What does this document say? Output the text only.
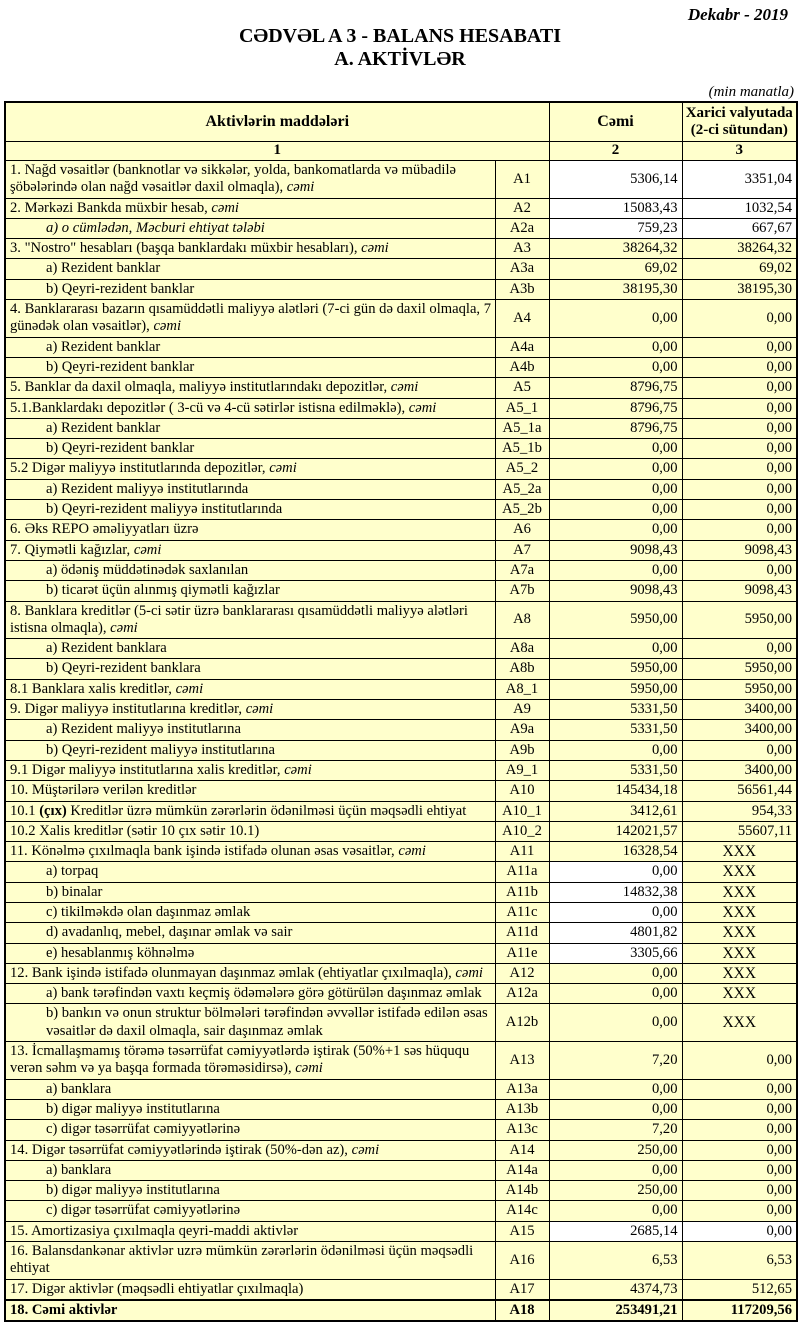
Dekabr - 2019
CƏDVƏL A 3 - BALANS HESABATI
A. AKTİVLƏR
(min manatla)
Aktivlərin maddələri		Cəmi	Xarici valyutada
(2-ci sütundan)

1		2	3
1. Nağd vəsaitlər (banknotlar və sikkələr, yolda, bankomatlarda və mübadilə şöbələrində olan nağd vəsaitlər daxil olmaqla), cəmi	A1	5306,14	3351,04
2. Mərkəzi Bankda müxbir hesab, cəmi	A2	15083,43	1032,54
a) o cümlədən, Məcburi ehtiyat tələbi	A2a	759,23	667,67
3. "Nostro" hesabları (başqa banklardakı müxbir hesabları), cəmi	A3	38264,32	38264,32
a) Rezident banklar	A3a	69,02	69,02
b) Qeyri-rezident banklar	A3b	38195,30	38195,30
4. Banklararası bazarın qısamüddətli maliyyə alətləri (7-ci gün də daxil olmaqla, 7 günədək olan vəsaitlər), cəmi	A4	0,00	0,00
a) Rezident banklar	A4a	0,00	0,00
b) Qeyri-rezident banklar	A4b	0,00	0,00
5. Banklar da daxil olmaqla, maliyyə institutlarındakı depozitlər, cəmi	A5	8796,75	0,00
5.1.Banklardakı depozitlər ( 3-cü və 4-cü sətirlər istisna edilməklə), cəmi	A5_1	8796,75	0,00
a) Rezident banklar	A5_1a	8796,75	0,00
b) Qeyri-rezident banklar	A5_1b	0,00	0,00
5.2 Digər maliyyə institutlarında depozitlər, cəmi	A5_2	0,00	0,00
a) Rezident maliyyə institutlarında	A5_2a	0,00	0,00
b) Qeyri-rezident maliyyə institutlarında	A5_2b	0,00	0,00
6. Əks REPO əməliyyatları üzrə	A6	0,00	0,00
7. Qiymətli kağızlar, cəmi	A7	9098,43	9098,43
a) ödəniş müddətinədək saxlanılan	A7a	0,00	0,00
b) ticarət üçün alınmış qiymətli kağızlar	A7b	9098,43	9098,43
8. Banklara kreditlər (5-ci sətir üzrə banklararası qısamüddətli maliyyə alətləri istisna olmaqla), cəmi	A8	5950,00	5950,00
a) Rezident banklara	A8a	0,00	0,00
b) Qeyri-rezident banklara	A8b	5950,00	5950,00
8.1 Banklara xalis kreditlər, cəmi	A8_1	5950,00	5950,00
9. Digər maliyyə institutlarına kreditlər, cəmi	A9	5331,50	3400,00
a) Rezident maliyyə institutlarına	A9a	5331,50	3400,00
b) Qeyri-rezident maliyyə institutlarına	A9b	0,00	0,00
9.1 Digər maliyyə institutlarına xalis kreditlər, cəmi	A9_1	5331,50	3400,00
10. Müştərilərə verilən kreditlər	A10	145434,18	56561,44
10.1 (çıx) Kreditlər üzrə mümkün zərərlərin ödənilməsi üçün məqsədli ehtiyat	A10_1	3412,61	954,33
10.2 Xalis kreditlər (sətir 10 çıx sətir 10.1)	A10_2	142021,57	55607,11
11. Könəlmə çıxılmaqla bank işində istifadə olunan əsas vəsaitlər, cəmi	A11	16328,54	XXX
a) torpaq	A11a	0,00	XXX
b) binalar	A11b	14832,38	XXX
c) tikilməkdə olan daşınmaz əmlak	A11c	0,00	XXX
d) avadanlıq, mebel, daşınar əmlak və sair	A11d	4801,82	XXX
e) hesablanmış köhnəlmə	A11e	3305,66	XXX
12. Bank işində istifadə olunmayan daşınmaz əmlak (ehtiyatlar çıxılmaqla), cəmi	A12	0,00	XXX
a) bank tərəfindən vaxtı keçmiş ödəmələrə görə götürülən daşınmaz əmlak	A12a	0,00	XXX
b) bankın və onun struktur bölmələri tərəfindən əvvəllər istifadə edilən əsas vəsaitlər də daxil olmaqla, sair daşınmaz əmlak	A12b	0,00	XXX
13. İcmallaşmamış törəmə təsərrüfat cəmiyyətlərdə iştirak (50%+1 səs hüququ verən səhm və ya başqa formada törəməsidirsə), cəmi	A13	7,20	0,00
a) banklara	A13a	0,00	0,00
b) digər maliyyə institutlarına	A13b	0,00	0,00
c) digər təsərrüfat cəmiyyətlərinə	A13c	7,20	0,00
14. Digər təsərrüfat cəmiyyətlərində iştirak (50%-dən az), cəmi	A14	250,00	0,00
a) banklara	A14a	0,00	0,00
b) digər maliyyə institutlarına	A14b	250,00	0,00
c) digər təsərrüfat cəmiyyətlərinə	A14c	0,00	0,00
15. Amortizasiya çıxılmaqla qeyri-maddi aktivlər	A15	2685,14	0,00
16. Balansdankənar aktivlər uzrə mümkün zərərlərin ödənilməsi üçün məqsədli ehtiyat	A16	6,53	6,53
17. Digər aktivlər (məqsədli ehtiyatlar çıxılmaqla)	A17	4374,73	512,65
18. Cəmi aktivlər	A18	253491,21	117209,56
